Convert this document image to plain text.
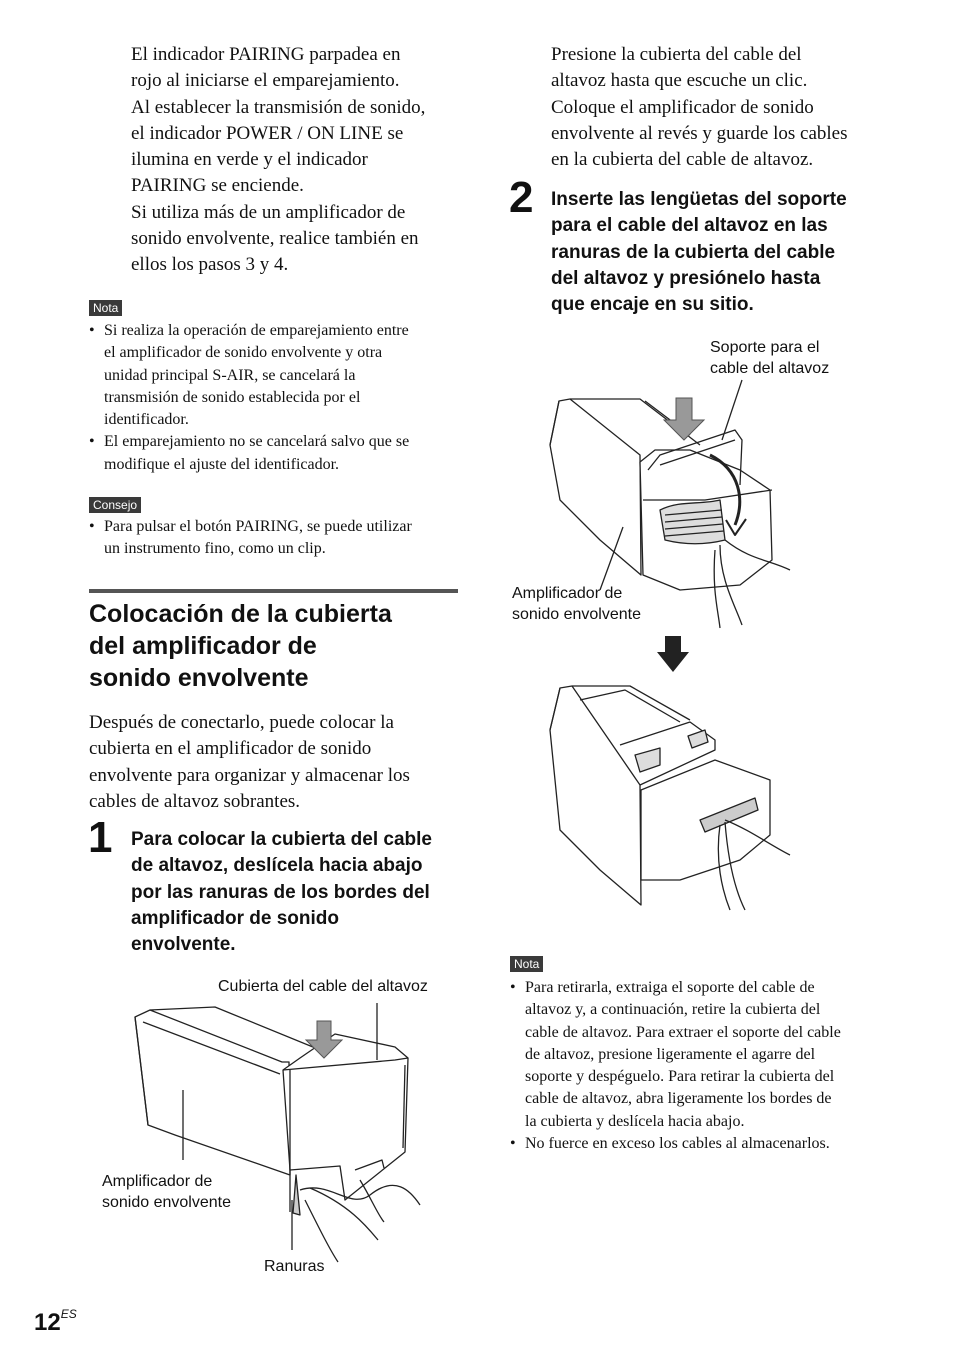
El indicador PAIRING parpadea en
rojo al iniciarse el emparejamiento.
Al establecer la transmisión de sonido,
el indicador POWER / ON LINE se
ilumina en verde y el indicador
PAIRING se enciende.
Si utiliza más de un amplificador de
sonido envolvente, realice también en
ellos los pasos 3 y 4.
Nota
• Si realiza la operación de emparejamiento entre
el amplificador de sonido envolvente y otra
unidad principal S-AIR, se cancelará la
transmisión de sonido establecida por el
identificador.
• El emparejamiento no se cancelará salvo que se
modifique el ajuste del identificador.
Consejo
• Para pulsar el botón PAIRING, se puede utilizar
un instrumento fino, como un clip.
Colocación de la cubierta
del amplificador de
sonido envolvente
Después de conectarlo, puede colocar la
cubierta en el amplificador de sonido
envolvente para organizar y almacenar los
cables de altavoz sobrantes.
1 Para colocar la cubierta del cable
de altavoz, deslícela hacia abajo
por las ranuras de los bordes del
amplificador de sonido
envolvente.
Cubierta del cable del altavoz
Amplificador de
sonido envolvente
Ranuras
Presione la cubierta del cable del
altavoz hasta que escuche un clic.
Coloque el amplificador de sonido
envolvente al revés y guarde los cables
en la cubierta del cable de altavoz.
2 Inserte las lengüetas del soporte
para el cable del altavoz en las
ranuras de la cubierta del cable
del altavoz y presiónelo hasta
que encaje en su sitio.
Soporte para el
cable del altavoz
Amplificador de
sonido envolvente
Nota
• Para retirarla, extraiga el soporte del cable de
altavoz y, a continuación, retire la cubierta del
cable de altavoz. Para extraer el soporte del cable
de altavoz, presione ligeramente el agarre del
soporte y despéguelo. Para retirar la cubierta del
cable de altavoz, abra ligeramente los bordes de
la cubierta y deslícela hacia abajo.
• No fuerce en exceso los cables al almacenarlos.
$12^{ES}$
